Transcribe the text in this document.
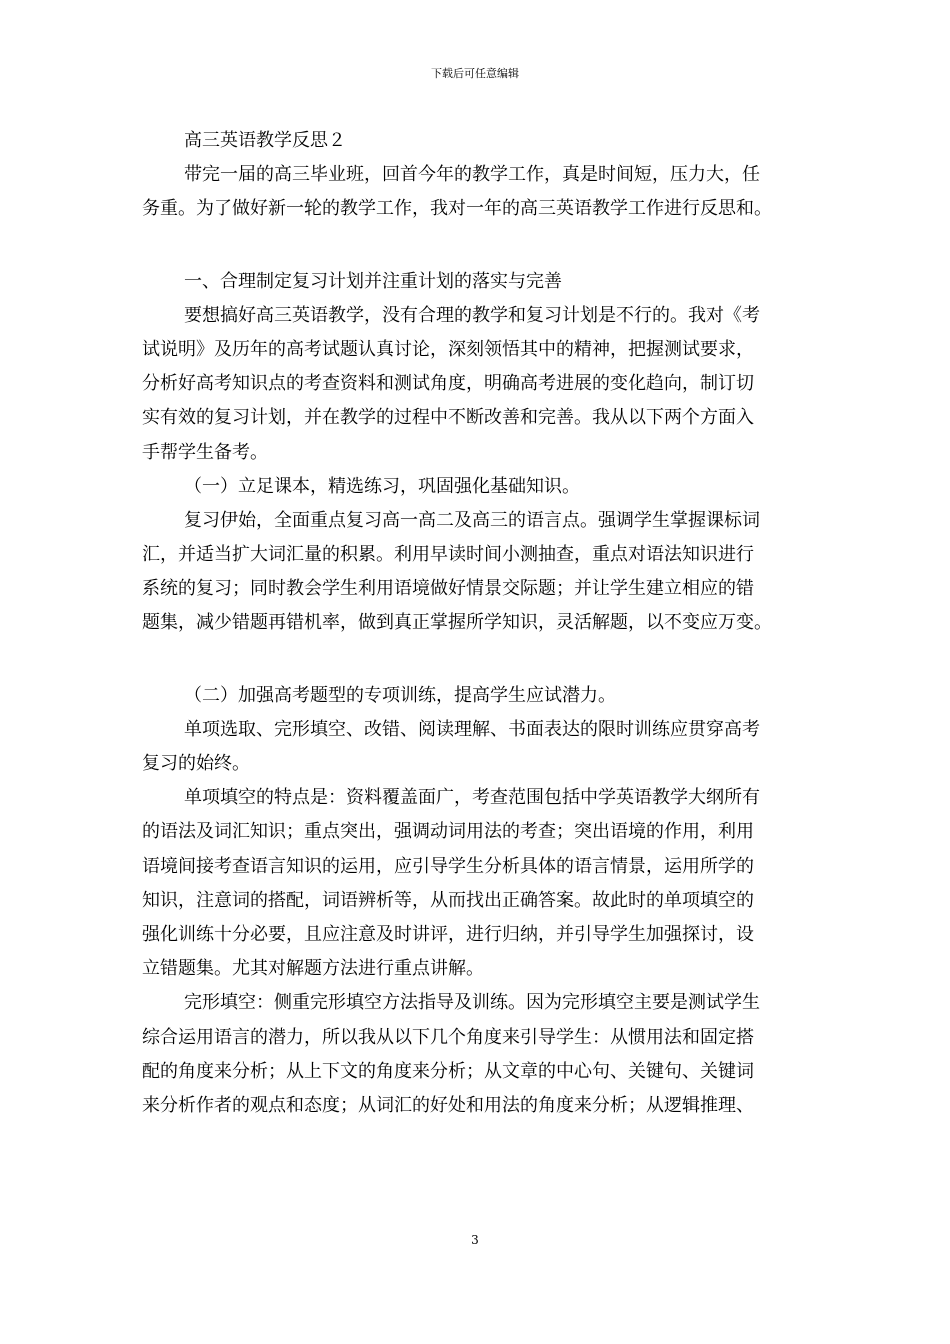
下载后可任意编辑
高三英语教学反思２
带完一届的高三毕业班，回首今年的教学工作，真是时间短，压力大，任
务重。为了做好新一轮的教学工作，我对一年的高三英语教学工作进行反思和。
一、合理制定复习计划并注重计划的落实与完善
要想搞好高三英语教学，没有合理的教学和复习计划是不行的。我对《考
试说明》及历年的高考试题认真讨论，深刻领悟其中的精神，把握测试要求，
分析好高考知识点的考查资料和测试角度，明确高考进展的变化趋向，制订切
实有效的复习计划，并在教学的过程中不断改善和完善。我从以下两个方面入
手帮学生备考。
（一）立足课本，精选练习，巩固强化基础知识。
复习伊始，全面重点复习高一高二及高三的语言点。强调学生掌握课标词
汇，并适当扩大词汇量的积累。利用早读时间小测抽查，重点对语法知识进行
系统的复习；同时教会学生利用语境做好情景交际题；并让学生建立相应的错
题集，减少错题再错机率，做到真正掌握所学知识，灵活解题，以不变应万变。
（二）加强高考题型的专项训练，提高学生应试潜力。
单项选取、完形填空、改错、阅读理解、书面表达的限时训练应贯穿高考
复习的始终。
单项填空的特点是：资料覆盖面广，考查范围包括中学英语教学大纲所有
的语法及词汇知识；重点突出，强调动词用法的考查；突出语境的作用，利用
语境间接考查语言知识的运用，应引导学生分析具体的语言情景，运用所学的
知识，注意词的搭配，词语辨析等，从而找出正确答案。故此时的单项填空的
强化训练十分必要，且应注意及时讲评，进行归纳，并引导学生加强探讨，设
立错题集。尤其对解题方法进行重点讲解。
完形填空：侧重完形填空方法指导及训练。因为完形填空主要是测试学生
综合运用语言的潜力，所以我从以下几个角度来引导学生：从惯用法和固定搭
配的角度来分析；从上下文的角度来分析；从文章的中心句、关键句、关键词
来分析作者的观点和态度；从词汇的好处和用法的角度来分析；从逻辑推理、
3
